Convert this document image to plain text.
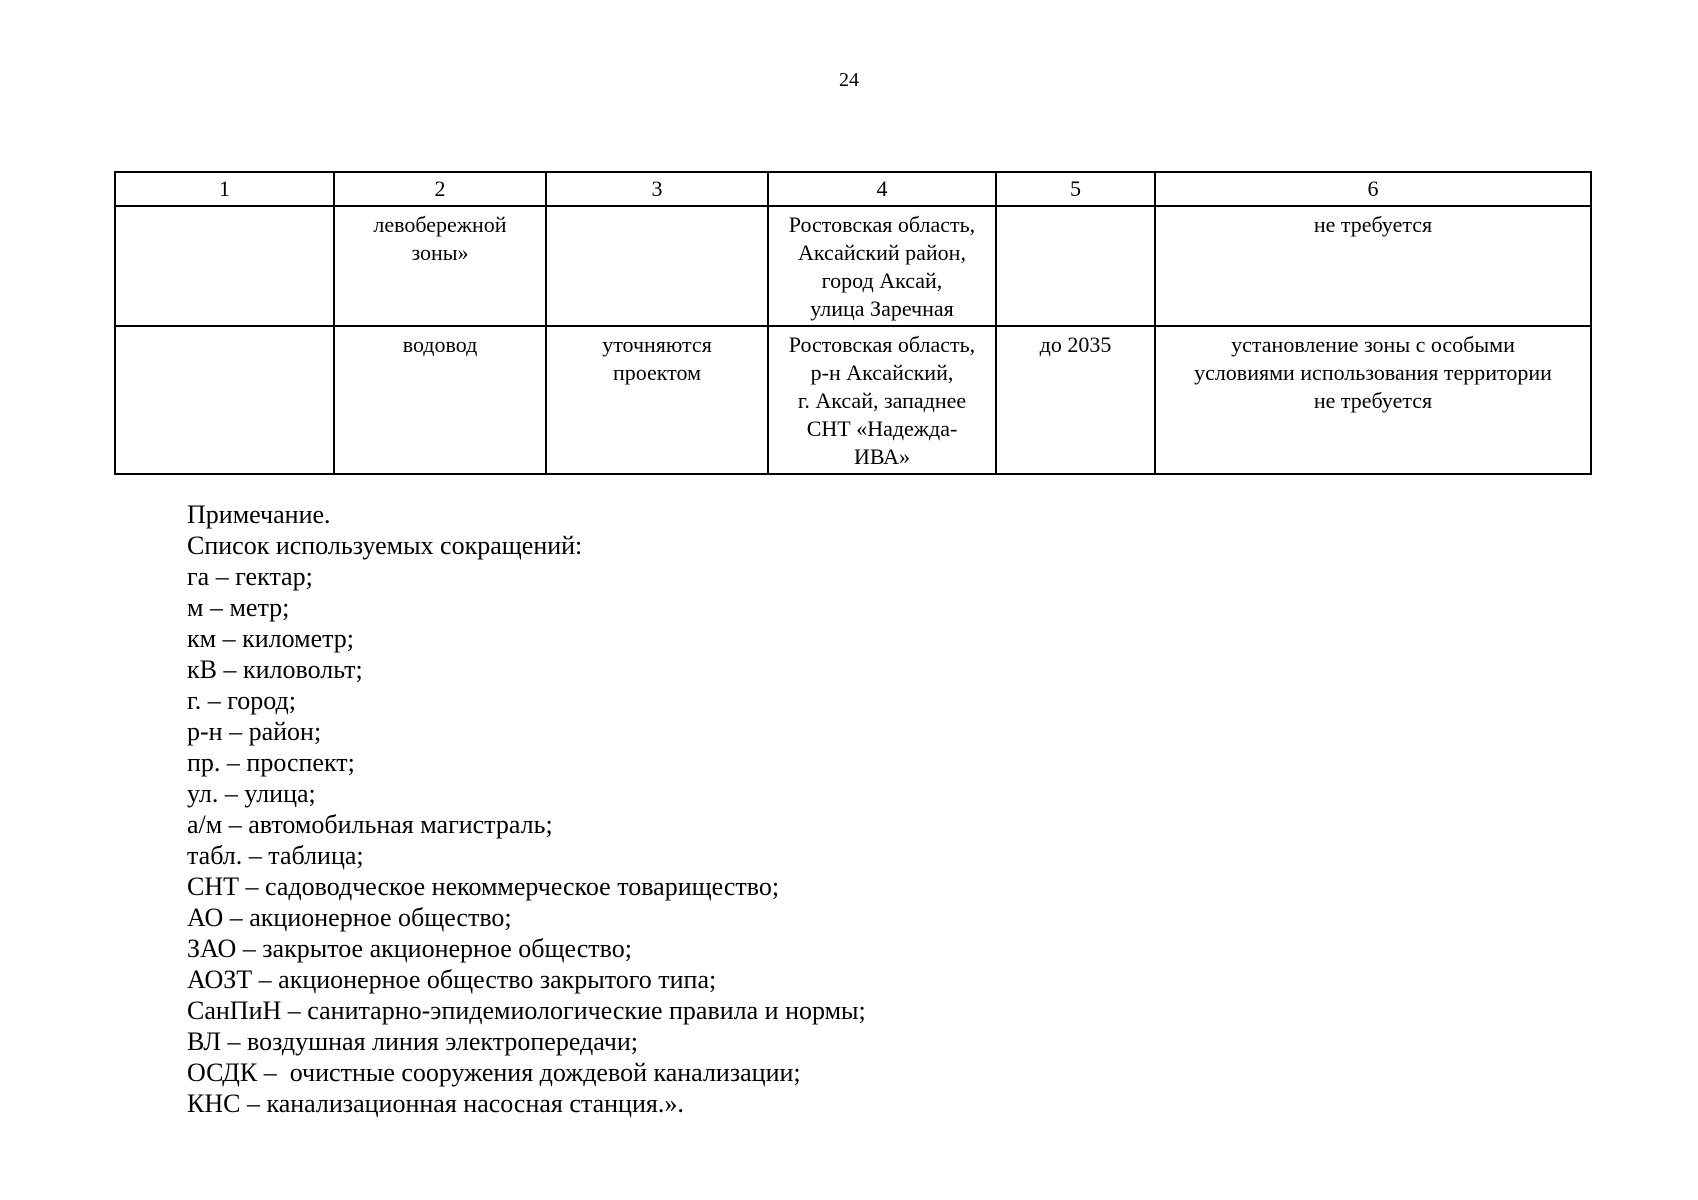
24
1	2	3	4	5	6

	левобережной
зоны»		Ростовская область,
Аксайский район,
город Аксай,
улица Заречная		не требуется

	водовод	уточняются
проектом	Ростовская область,
р-н Аксайский,
г. Аксай, западнее
СНТ «Надежда-
ИВА»	до 2035	установление зоны с особыми
условиями использования территории
не требуется
Примечание.
Список используемых сокращений:
га – гектар;
м – метр;
км – километр;
кВ – киловольт;
г. – город;
р-н – район;
пр. – проспект;
ул. – улица;
а/м – автомобильная магистраль;
табл. – таблица;
СНТ – садоводческое некоммерческое товарищество;
АО – акционерное общество;
ЗАО – закрытое акционерное общество;
АОЗТ – акционерное общество закрытого типа;
СанПиН – санитарно-эпидемиологические правила и нормы;
ВЛ – воздушная линия электропередачи;
ОСДК –  очистные сооружения дождевой канализации;
КНС – канализационная насосная станция.».
